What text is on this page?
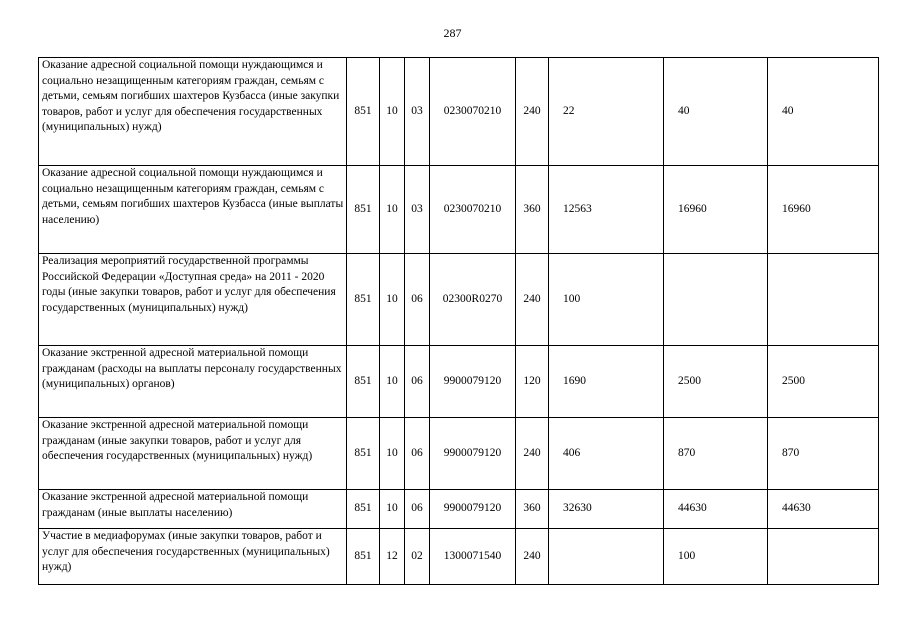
287
Оказание адресной социальной помощи нуждающимся и социально незащищенным категориям граждан, семьям с детьми, семьям погибших шахтеров Кузбасса (иные закупки товаров, работ и услуг для обеспечения государственных (муниципальных) нужд)	851	10	03	0230070210	240	22	40	40
Оказание адресной социальной помощи нуждающимся и социально незащищенным категориям граждан, семьям с детьми, семьям погибших шахтеров Кузбасса (иные выплаты населению)	851	10	03	0230070210	360	12563	16960	16960
Реализация мероприятий государственной программы Российской Федерации «Доступная среда» на 2011 - 2020 годы (иные закупки товаров, работ и услуг для обеспечения государственных (муниципальных) нужд)	851	10	06	02300R0270	240	100		
Оказание экстренной адресной материальной помощи гражданам (расходы на выплаты персоналу государственных (муниципальных) органов)	851	10	06	9900079120	120	1690	2500	2500
Оказание экстренной адресной материальной помощи гражданам (иные закупки товаров, работ и услуг для обеспечения государственных (муниципальных) нужд)	851	10	06	9900079120	240	406	870	870
Оказание экстренной адресной материальной помощи гражданам (иные выплаты населению)	851	10	06	9900079120	360	32630	44630	44630
Участие в медиафорумах (иные закупки товаров, работ и услуг для обеспечения государственных (муниципальных) нужд)	851	12	02	1300071540	240		100	
